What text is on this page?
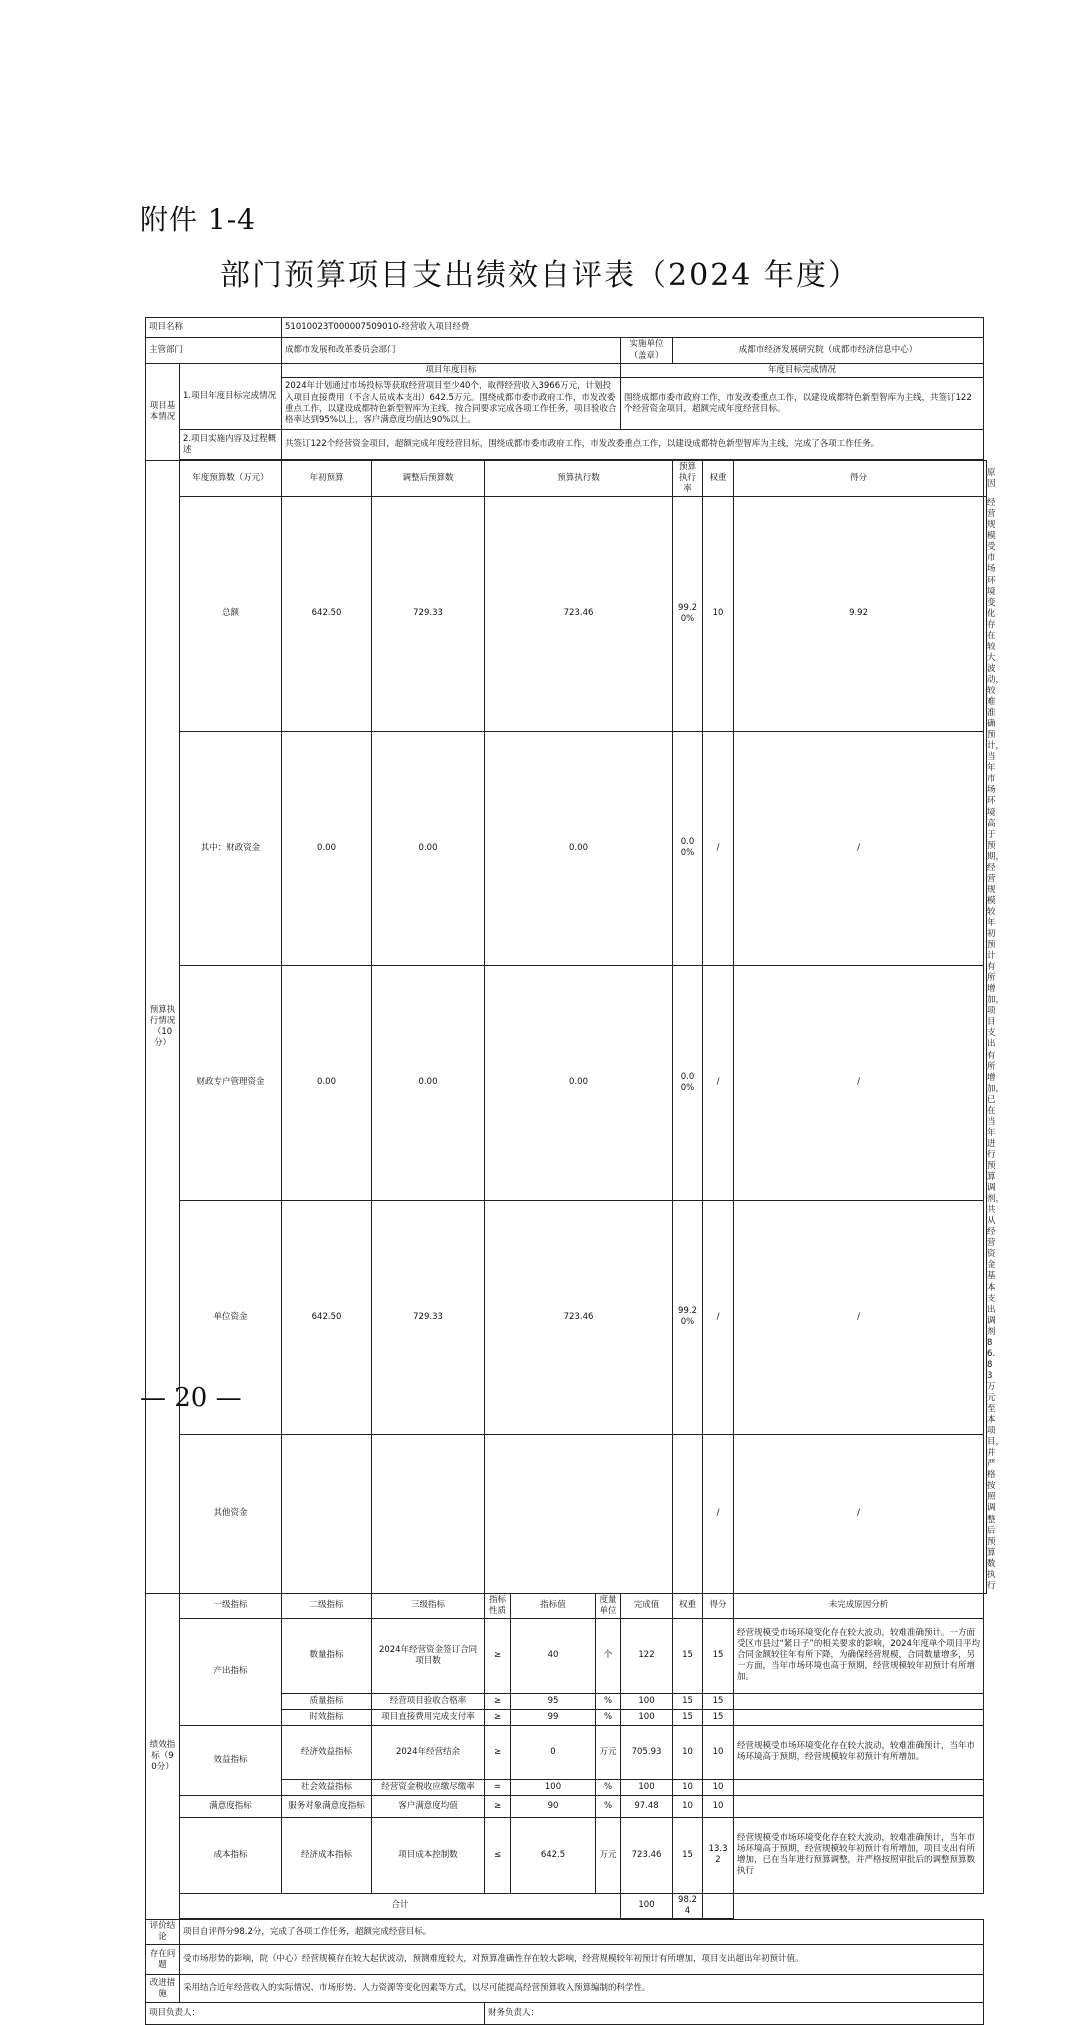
附件 1-4
部门预算项目支出绩效自评表（2024 年度）
项目名称		51010023T000007509010-经营收入项目经费									
主管部门		成都市发展和改革委员会部门					实施单位（盖章）	成都市经济发展研究院（成都市经济信息中心）			
项目基本情况	1.项目年度目标完成情况	项目年度目标					年度目标完成情况				
		2024年计划通过市场投标等获取经营项目至少40个，取得经营收入3966万元，计划投入项目直接费用（不含人员成本支出）642.5万元。围绕成都市委市政府工作，市发改委重点工作，以建设成都特色新型智库为主线，按合同要求完成各项工作任务，项目验收合格率达到95%以上，客户满意度均值达90%以上。					围绕成都市委市政府工作，市发改委重点工作，以建设成都特色新型智库为主线，共签订122个经营资金项目，超额完成年度经营目标。				
	2.项目实施内容及过程概述	共签订122个经营资金项目，超额完成年度经营目标，围绕成都市委市政府工作，市发改委重点工作，以建设成都特色新型智库为主线，完成了各项工作任务。									

预算执行情况（10分）	年度预算数（万元）	年初预算	调整后预算数	预算执行数				预算执行率	权重	得分	原因
	总额	642.50	729.33	723.46				99.20%	10	9.92	经营规模受市场环境变化存在较大波动，较难准确预计，当年市场环境高于预期，经营规模较年初预计有所增加，项目支出有所增加，已在当年进行预算调剂，共从经营资金基本支出调剂86.83万元至本项目，并严格按照调整后预算数执行
	其中：财政资金	0.00	0.00	0.00				0.00%	/	/	
	财政专户管理资金	0.00	0.00	0.00				0.00%	/	/	
	单位资金	642.50	729.33	723.46				99.20%	/	/	
	其他资金								/	/	
绩效指标（90分）	一级指标	二级指标	三级指标	指标性质	指标值	度量单位	完成值	权重	得分	未完成原因分析	
	产出指标	数量指标	2024年经营资金签订合同项目数	≥	40	个	122	15	15	经营规模受市场环境变化存在较大波动，较难准确预计。一方面受区市县过“紧日子”的相关要求的影响，2024年度单个项目平均合同金额较往年有所下降，为确保经营规模，合同数量增多，另一方面，当年市场环境也高于预期，经营规模较年初预计有所增加。	
		质量指标	经营项目验收合格率	≥	95	%	100	15	15		
		时效指标	项目直接费用完成支付率	≥	99	%	100	15	15		
	效益指标	经济效益指标	2024年经营结余	≥	0	万元	705.93	10	10	经营规模受市场环境变化存在较大波动，较难准确预计，当年市场环境高于预期，经营规模较年初预计有所增加。	
		社会效益指标	经营资金税收应缴尽缴率	=	100	%	100	10	10		
	满意度指标	服务对象满意度指标	客户满意度均值	≥	90	%	97.48	10	10		
	成本指标	经济成本指标	项目成本控制数	≤	642.5	万元	723.46	15	13.32	经营规模受市场环境变化存在较大波动，较难准确预计，当年市场环境高于预期，经营规模较年初预计有所增加，项目支出有所增加，已在当年进行预算调整，并严格按照审批后的调整预算数执行	
	合计						100	98.24			

评价结论	项目自评得分98.2分，完成了各项工作任务，超额完成经营目标。										
存在问题	受市场形势的影响，院（中心）经营规模存在较大起伏波动，预测难度较大，对预算准确性存在较大影响，经营规模较年初预计有所增加，项目支出超出年初预计值。										
改进措施	采用结合近年经营收入的实际情况、市场形势、人力资源等变化因素等方式，以尽可能提高经营预算收入预算编制的科学性。										
项目负责人：				财务负责人：							
— 20 —
